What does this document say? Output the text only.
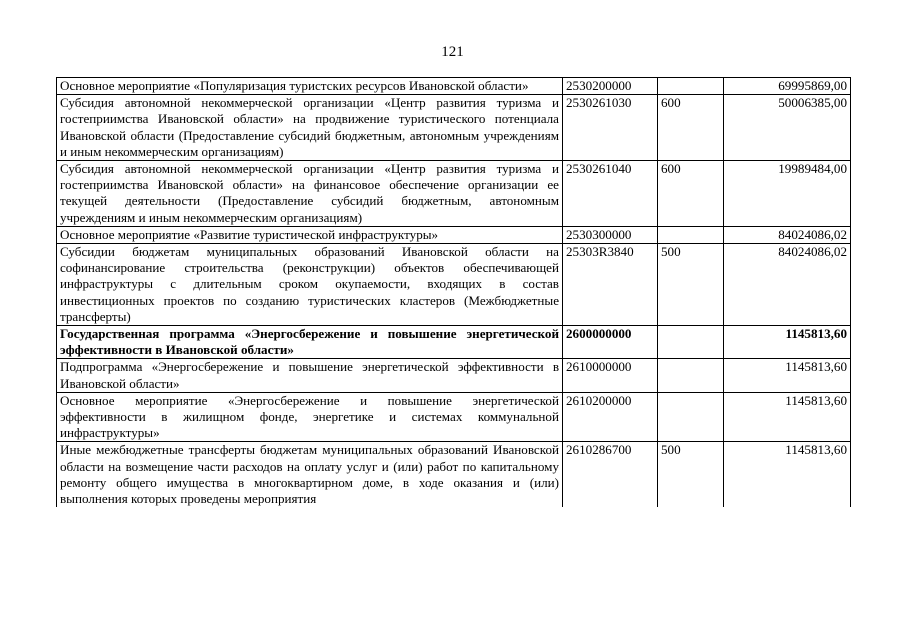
121
Основное мероприятие «Популяризация туристских ресурсов Ивановской области»	2530200000		69995869,00
Субсидия автономной некоммерческой организации «Центр развития туризма и гостеприимства Ивановской области» на продвижение туристического потенциала Ивановской области (Предоставление субсидий бюджетным, автономным учреждениям и иным некоммерческим организациям)	2530261030	600	50006385,00
Субсидия автономной некоммерческой организации «Центр развития туризма и гостеприимства Ивановской области» на финансовое обеспечение организации ее текущей деятельности (Предоставление субсидий бюджетным, автономным учреждениям и иным некоммерческим организациям)	2530261040	600	19989484,00
Основное мероприятие «Развитие туристической инфраструктуры»	2530300000		84024086,02
Субсидии бюджетам муниципальных образований Ивановской области на софинансирование строительства (реконструкции) объектов обеспечивающей инфраструктуры с длительным сроком окупаемости, входящих в состав инвестиционных проектов по созданию туристических кластеров (Межбюджетные трансферты)	25303R3840	500	84024086,02
Государственная программа «Энергосбережение и повышение энергетической эффективности в Ивановской области»	2600000000		1145813,60
Подпрограмма «Энергосбережение и повышение энергетической эффективности в Ивановской области»	2610000000		1145813,60
Основное мероприятие «Энергосбережение и повышение энергетической эффективности в жилищном фонде, энергетике и системах коммунальной инфраструктуры»	2610200000		1145813,60
Иные межбюджетные трансферты бюджетам муниципальных образований Ивановской области на возмещение части расходов на оплату услуг и (или) работ по капитальному ремонту общего имущества в многоквартирном доме, в ходе оказания и (или) выполнения которых проведены мероприятия	2610286700	500	1145813,60
